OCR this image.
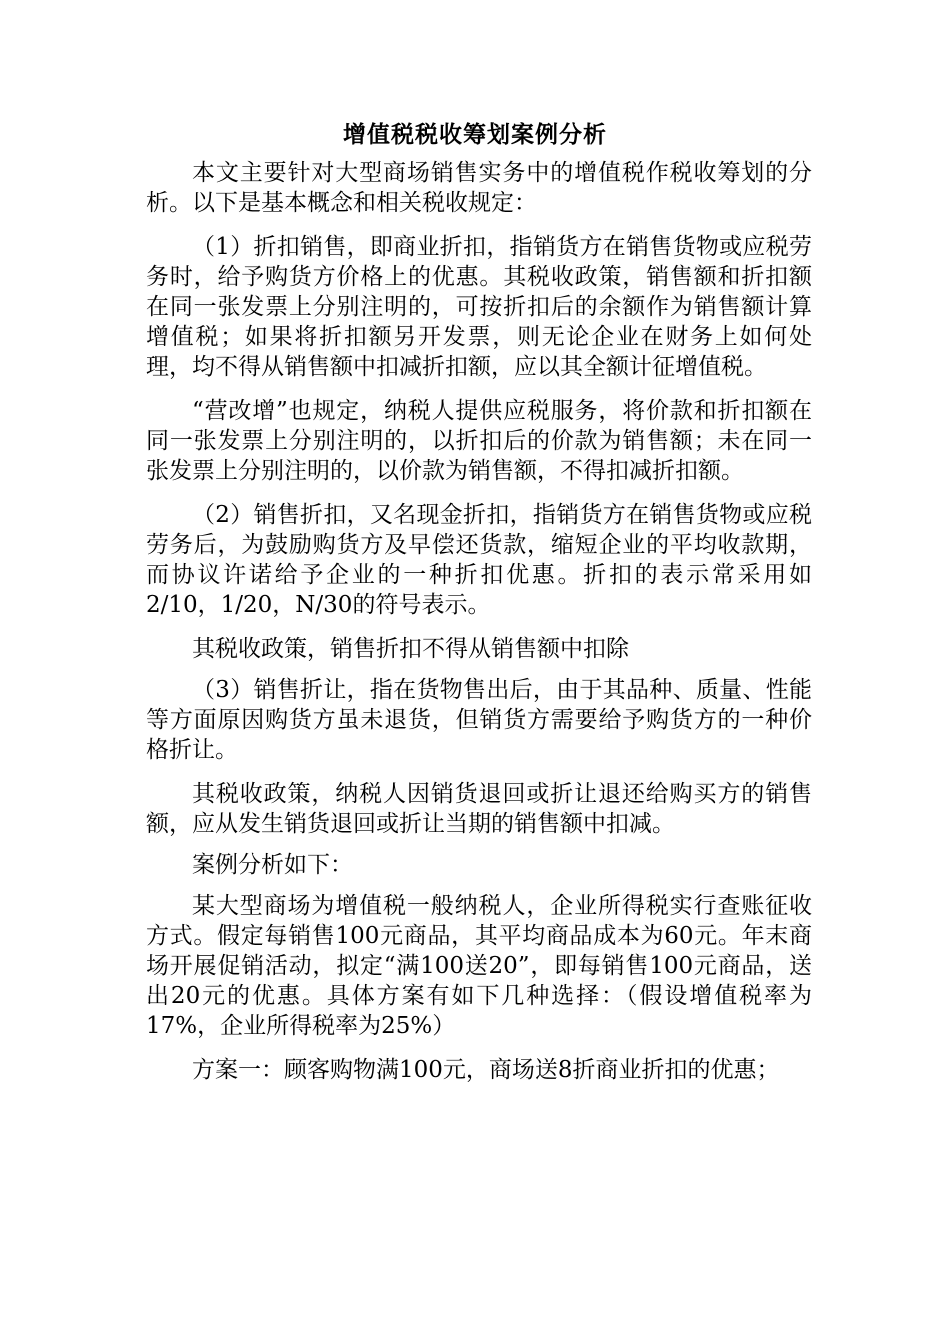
增值税税收筹划案例分析

本文主要针对大型商场销售实务中的增值税作税收筹划的分析。以下是基本概念和相关税收规定：

（1）折扣销售，即商业折扣，指销货方在销售货物或应税劳务时，给予购货方价格上的优惠。其税收政策，销售额和折扣额在同一张发票上分别注明的，可按折扣后的余额作为销售额计算增值税；如果将折扣额另开发票，则无论企业在财务上如何处理，均不得从销售额中扣减折扣额，应以其全额计征增值税。

“营改增”也规定，纳税人提供应税服务，将价款和折扣额在同一张发票上分别注明的，以折扣后的价款为销售额；未在同一张发票上分别注明的，以价款为销售额，不得扣减折扣额。

（2）销售折扣，又名现金折扣，指销货方在销售货物或应税劳务后，为鼓励购货方及早偿还货款，缩短企业的平均收款期，而协议许诺给予企业的一种折扣优惠。折扣的表示常采用如2/10，1/20，N/30的符号表示。

其税收政策，销售折扣不得从销售额中扣除

（3）销售折让，指在货物售出后，由于其品种、质量、性能等方面原因购货方虽未退货，但销货方需要给予购货方的一种价格折让。

其税收政策，纳税人因销货退回或折让退还给购买方的销售额，应从发生销货退回或折让当期的销售额中扣减。

案例分析如下：

某大型商场为增值税一般纳税人，企业所得税实行查账征收方式。假定每销售100元商品，其平均商品成本为60元。年末商场开展促销活动，拟定“满100送20”，即每销售100元商品，送出20元的优惠。具体方案有如下几种选择：（假设增值税率为17%，企业所得税率为25%）

方案一：顾客购物满100元，商场送8折商业折扣的优惠；
